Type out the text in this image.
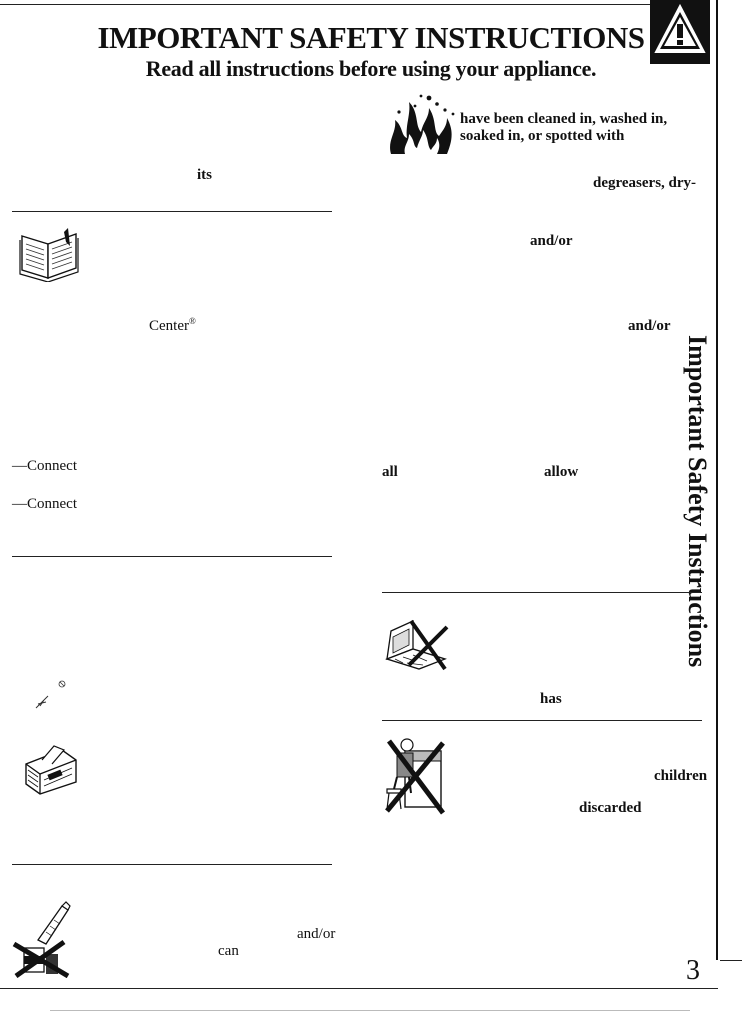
IMPORTANT SAFETY INSTRUCTIONS
Read all instructions before using your appliance.
Important Safety Instructions
its
Center®
—Connect
—Connect
and/or
can
have been cleaned in, washed in,
soaked in, or spotted with
degreasers, dry-
and/or
and/or
all	allow
has
children
discarded
3
